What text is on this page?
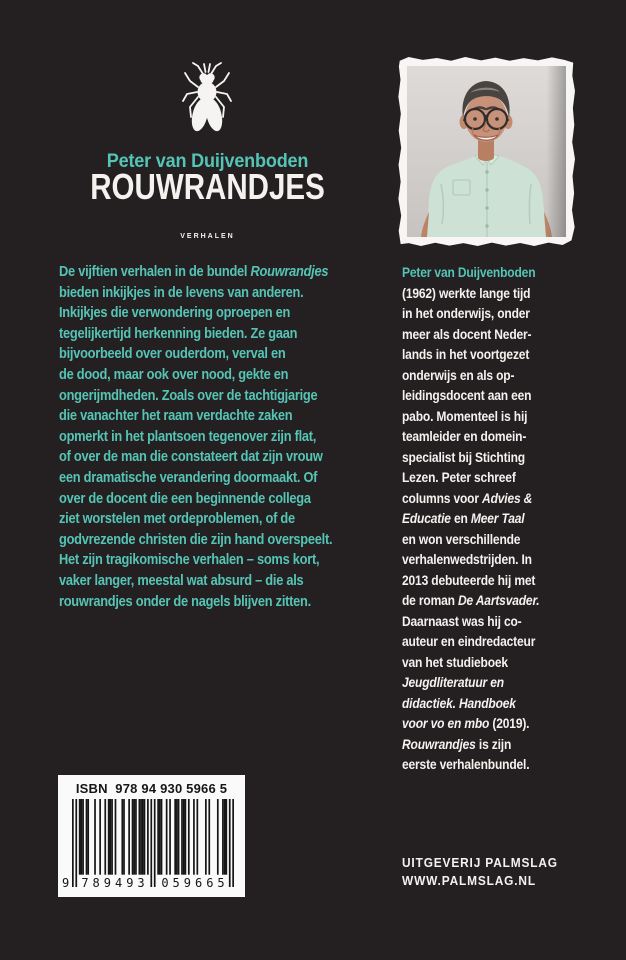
Peter van Duijvenboden
ROUWRANDJES
VERHALEN
De vijftien verhalen in de bundel Rouwrandjes
bieden inkijkjes in de levens van anderen.
Inkijkjes die verwondering oproepen en
tegelijkertijd herkenning bieden. Ze gaan
bijvoorbeeld over ouderdom, verval en
de dood, maar ook over nood, gekte en
ongerijmdheden. Zoals over de tachtigjarige
die vanachter het raam verdachte zaken
opmerkt in het plantsoen tegenover zijn flat,
of over de man die constateert dat zijn vrouw
een dramatische verandering doormaakt. Of
over de docent die een beginnende collega
ziet worstelen met ordeproblemen, of de
godvrezende christen die zijn hand overspeelt.
Het zijn tragikomische verhalen – soms kort,
vaker langer, meestal wat absurd – die als
rouwrandjes onder de nagels blijven zitten.
Peter van Duijvenboden
(1962) werkte lange tijd
in het onderwijs, onder
meer als docent Neder-
lands in het voortgezet
onderwijs en als op-
leidingsdocent aan een
pabo. Momenteel is hij
teamleider en domein-
specialist bij Stichting
Lezen. Peter schreef
columns voor Advies &
Educatie en Meer Taal
en won verschillende
verhalenwedstrijden. In
2013 debuteerde hij met
de roman De Aartsvader.
Daarnaast was hij co-
auteur en eindredacteur
van het studieboek
Jeugdliteratuur en
didactiek. Handboek
voor vo en mbo (2019).
Rouwrandjes is zijn
eerste verhalenbundel.
ISBN  978 94 930 5966 5
9 789493 059665
UITGEVERIJ PALMSLAG
WWW.PALMSLAG.NL
